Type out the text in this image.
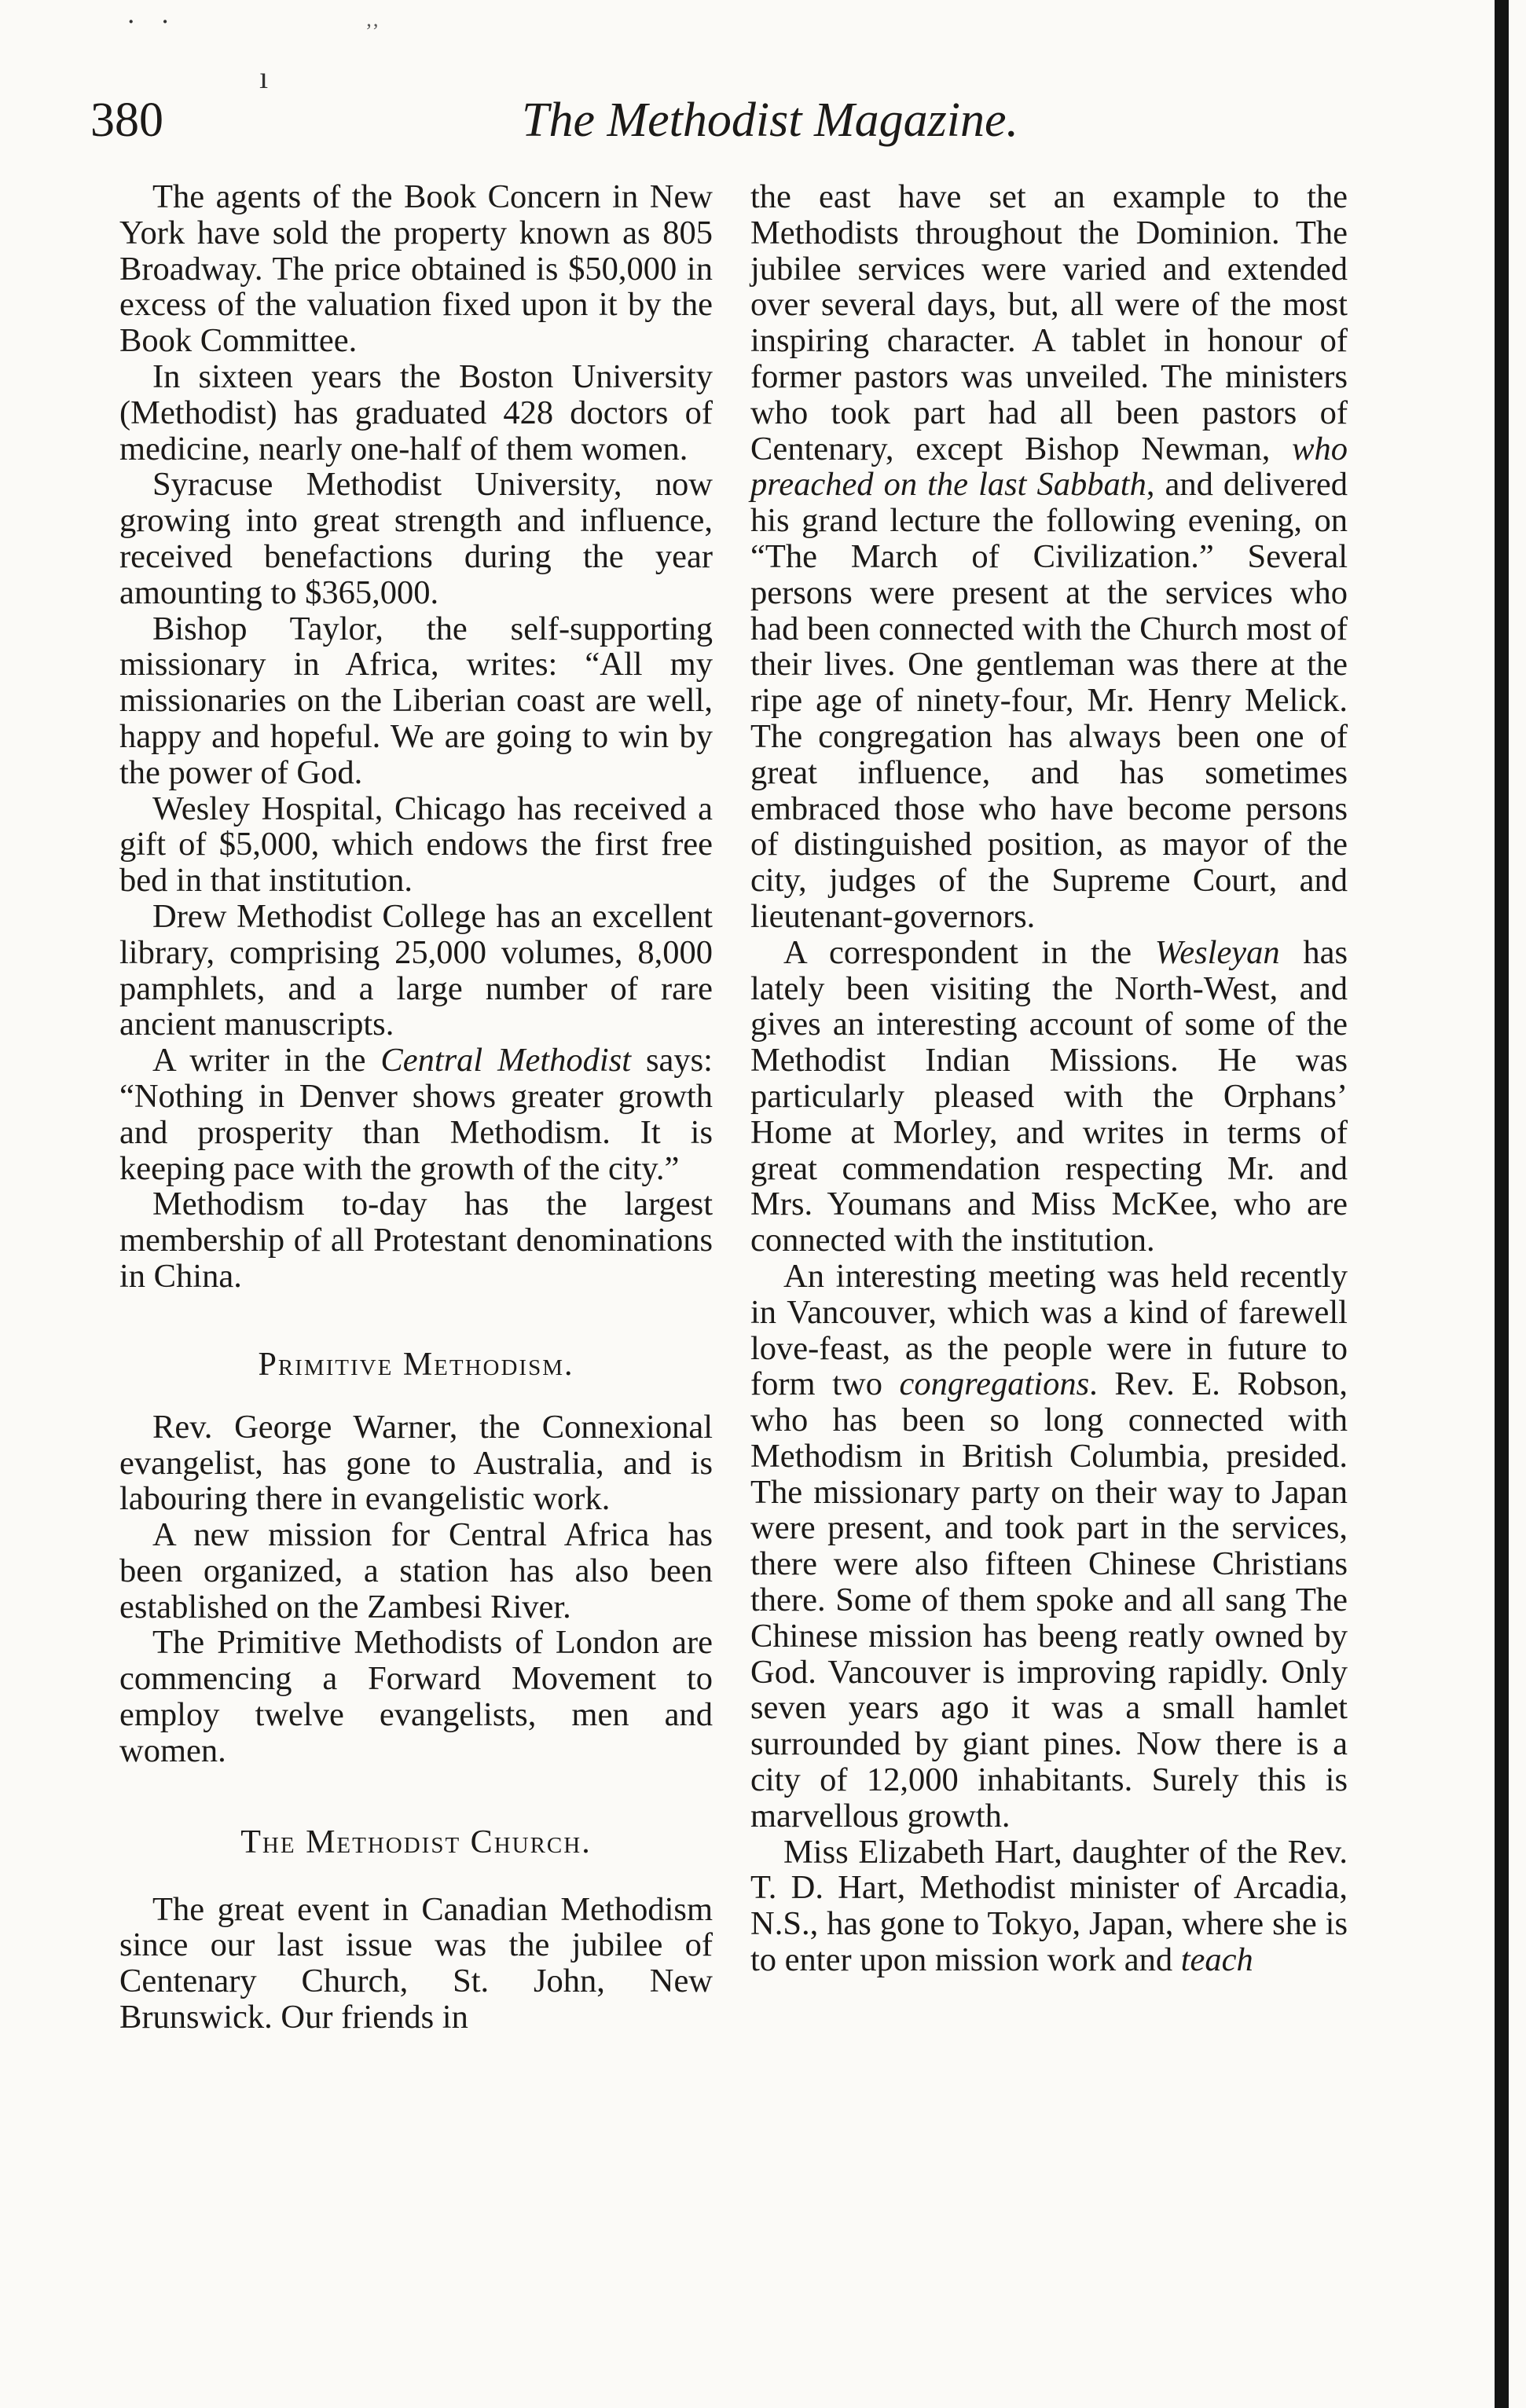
˙ ˙
ı
ʼʼ
380	The Methodist Magazine.

The agents of the Book Concern in New York have sold the property known as 805 Broadway. The price obtained is $50,000 in excess of the valuation fixed upon it by the Book Committee.

In sixteen years the Boston University (Methodist) has graduated 428 doctors of medicine, nearly one-half of them women.

Syracuse Methodist University, now growing into great strength and influence, received benefactions during the year amounting to $365,000.

Bishop Taylor, the self-supporting missionary in Africa, writes: “All my missionaries on the Liberian coast are well, happy and hopeful. We are going to win by the power of God.

Wesley Hospital, Chicago has received a gift of $5,000, which endows the first free bed in that institution.

Drew Methodist College has an excellent library, comprising 25,000 volumes, 8,000 pamphlets, and a large number of rare ancient manuscripts.

A writer in the Central Methodist says: “Nothing in Denver shows greater growth and prosperity than Methodism. It is keeping pace with the growth of the city.”

Methodism to-day has the largest membership of all Protestant denominations in China.

Primitive Methodism.

Rev. George Warner, the Connexional evangelist, has gone to Australia, and is labouring there in evangelistic work.

A new mission for Central Africa has been organized, a station has also been established on the Zambesi River.

The Primitive Methodists of London are commencing a Forward Movement to employ twelve evangelists, men and women.

The Methodist Church.

The great event in Canadian Methodism since our last issue was the jubilee of Centenary Church, St. John, New Brunswick. Our friends in

the east have set an example to the Methodists throughout the Dominion. The jubilee services were varied and extended over several days, but, all were of the most inspiring character. A tablet in honour of former pastors was unveiled. The ministers who took part had all been pastors of Centenary, except Bishop Newman, who preached on the last Sabbath, and delivered his grand lecture the following evening, on “The March of Civilization.” Several persons were present at the services who had been connected with the Church most of their lives. One gentleman was there at the ripe age of ninety-four, Mr. Henry Melick. The congregation has always been one of great influence, and has sometimes embraced those who have become persons of distinguished position, as mayor of the city, judges of the Supreme Court, and lieutenant-governors.

A correspondent in the Wesleyan has lately been visiting the North-West, and gives an interesting account of some of the Methodist Indian Missions. He was particularly pleased with the Orphans’ Home at Morley, and writes in terms of great commendation respecting Mr. and Mrs. Youmans and Miss McKee, who are connected with the institution.

An interesting meeting was held recently in Vancouver, which was a kind of farewell love-feast, as the people were in future to form two congregations. Rev. E. Robson, who has been so long connected with Methodism in British Columbia, presided. The missionary party on their way to Japan were present, and took part in the services, there were also fifteen Chinese Christians there. Some of them spoke and all sang The Chinese mission has beeng reatly owned by God. Vancouver is improving rapidly. Only seven years ago it was a small hamlet surrounded by giant pines. Now there is a city of 12,000 inhabitants. Surely this is marvellous growth.

Miss Elizabeth Hart, daughter of the Rev. T. D. Hart, Methodist minister of Arcadia, N.S., has gone to Tokyo, Japan, where she is to enter upon mission work and teach
